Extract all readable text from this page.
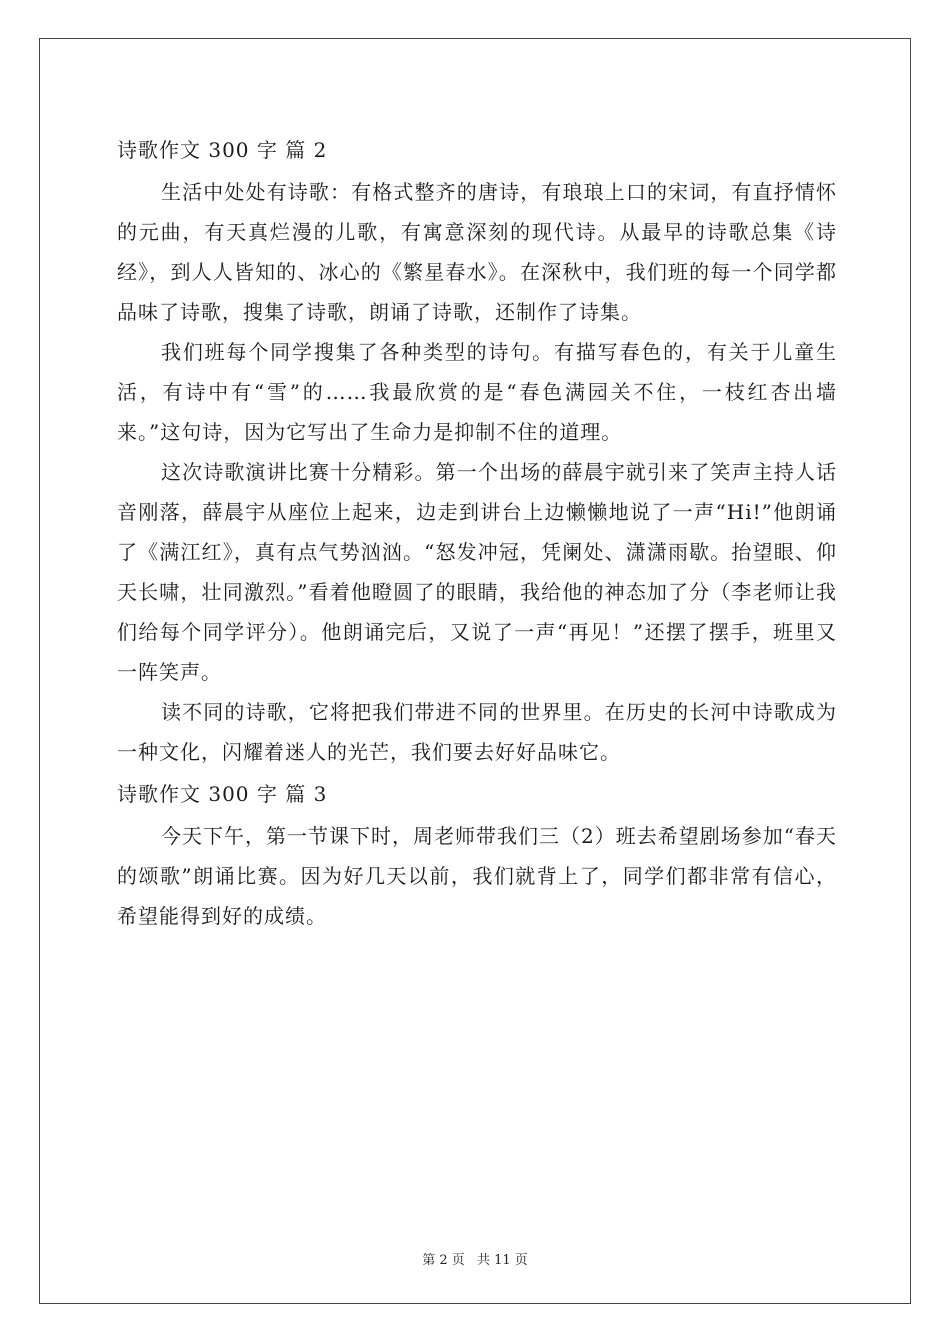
诗歌作文 300 字 篇 2

生活中处处有诗歌：有格式整齐的唐诗，有琅琅上口的宋词，有直抒情怀的元曲，有天真烂漫的儿歌，有寓意深刻的现代诗。从最早的诗歌总集《诗经》，到人人皆知的、冰心的《繁星春水》。在深秋中，我们班的每一个同学都品味了诗歌，搜集了诗歌，朗诵了诗歌，还制作了诗集。

我们班每个同学搜集了各种类型的诗句。有描写春色的，有关于儿童生活，有诗中有“雪”的……我最欣赏的是“春色满园关不住，一枝红杏出墙来。”这句诗，因为它写出了生命力是抑制不住的道理。

这次诗歌演讲比赛十分精彩。第一个出场的薛晨宇就引来了笑声主持人话音刚落，薛晨宇从座位上起来，边走到讲台上边懒懒地说了一声“Hi!”他朗诵了《满江红》，真有点气势汹汹。“怒发冲冠，凭阑处、潇潇雨歇。抬望眼、仰天长啸，壮同激烈。”看着他瞪圆了的眼睛，我给他的神态加了分（李老师让我们给每个同学评分）。他朗诵完后，又说了一声“再见！”还摆了摆手，班里又一阵笑声。

读不同的诗歌，它将把我们带进不同的世界里。在历史的长河中诗歌成为一种文化，闪耀着迷人的光芒，我们要去好好品味它。

诗歌作文 300 字 篇 3

今天下午，第一节课下时，周老师带我们三（2）班去希望剧场参加“春天的颂歌”朗诵比赛。因为好几天以前，我们就背上了，同学们都非常有信心，希望能得到好的成绩。

第 2 页 共 11 页
